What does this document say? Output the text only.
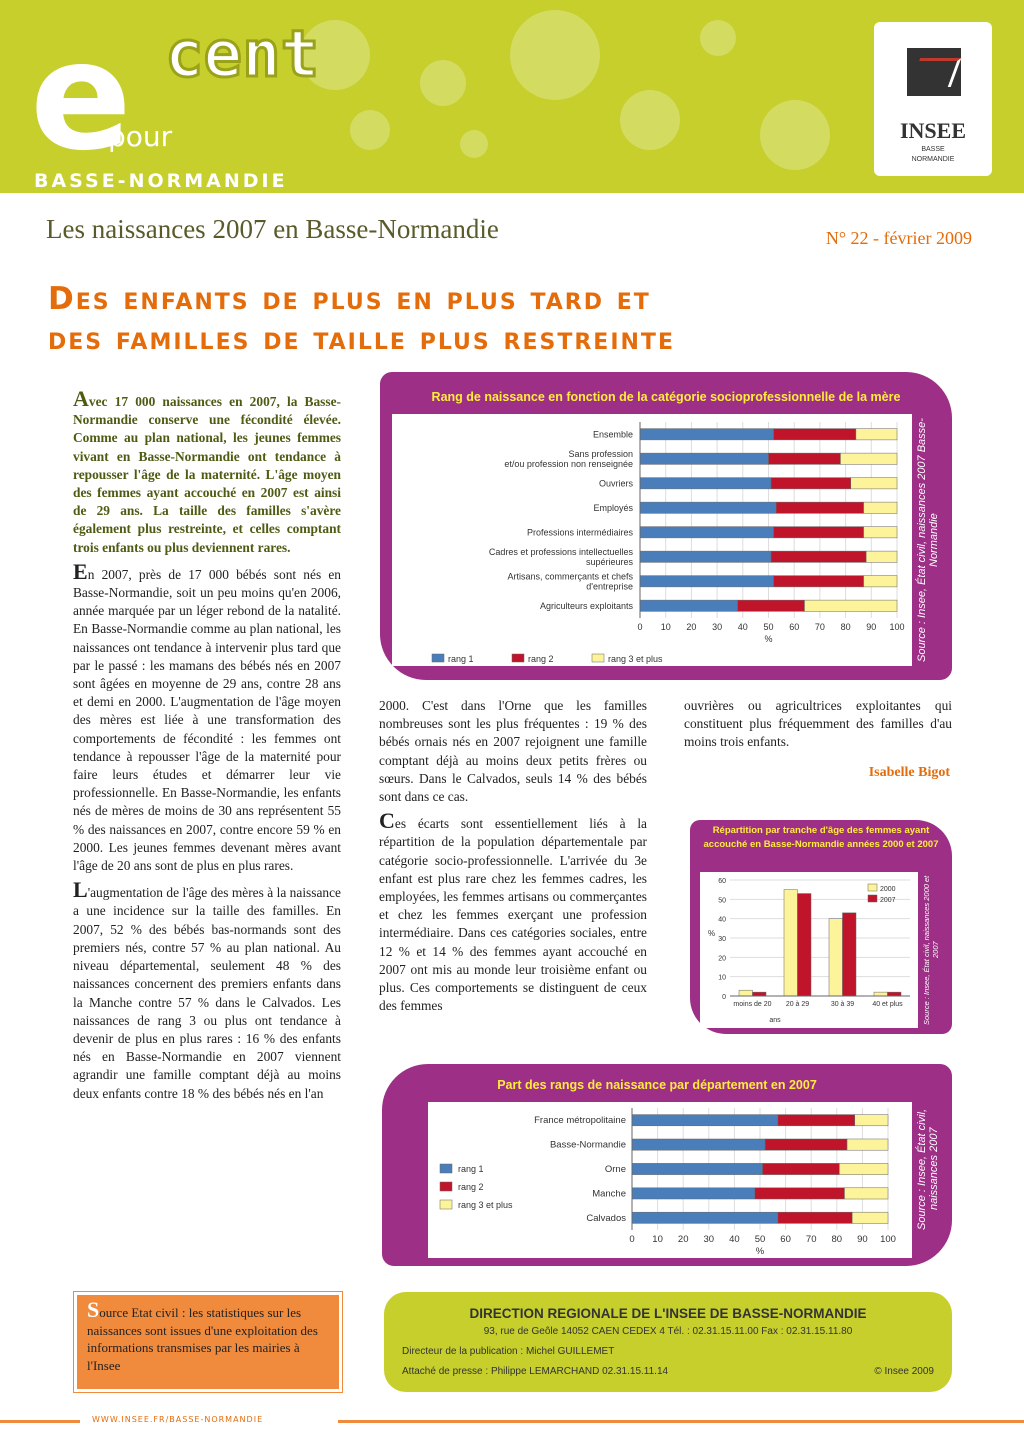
e cent
pour
BASSE-NORMANDIE
INSEE
BASSE
NORMANDIE
Les naissances 2007 en Basse-Normandie	N° 22 - février 2009
Des enfants de plus en plus tard et
des familles de taille plus restreinte

Avec 17 000 naissances en 2007, la Basse-Normandie conserve une fécondité élevée. Comme au plan national, les jeunes femmes vivant en Basse-Normandie ont tendance à repousser l'âge de la maternité. L'âge moyen des femmes ayant accouché en 2007 est ainsi de 29 ans. La taille des familles s'avère également plus restreinte, et celles comptant trois enfants ou plus deviennent rares.

En 2007, près de 17 000 bébés sont nés en Basse-Normandie, soit un peu moins qu'en 2006, année marquée par un léger rebond de la natalité. En Basse-Normandie comme au plan national, les naissances ont tendance à intervenir plus tard que par le passé : les mamans des bébés nés en 2007 sont âgées en moyenne de 29 ans, contre 28 ans et demi en 2000. L'augmentation de l'âge moyen des mères est liée à une transformation des comportements de fécondité : les femmes ont tendance à repousser l'âge de la maternité pour faire leurs études et démarrer leur vie professionnelle. En Basse-Normandie, les enfants nés de mères de moins de 30 ans représentent 55 % des naissances en 2007, contre encore 59 % en 2000. Les jeunes femmes devenant mères avant l'âge de 20 ans sont de plus en plus rares.

L'augmentation de l'âge des mères à la naissance a une incidence sur la taille des familles. En 2007, 52 % des bébés bas-normands sont des premiers nés, contre 57 % au plan national. Au niveau départemental, seulement 48 % des naissances concernent des premiers enfants dans la Manche contre 57 % dans le Calvados. Les naissances de rang 3 ou plus ont tendance à devenir de plus en plus rares : 16 % des enfants nés en Basse-Normandie en 2007 viennent agrandir une famille comptant déjà au moins deux enfants contre 18 % des bébés nés en l'an

2000. C'est dans l'Orne que les familles nombreuses sont les plus fréquentes : 19 % des bébés ornais nés en 2007 rejoignent une famille comptant déjà au moins deux petits frères ou sœurs. Dans le Calvados, seuls 14 % des bébés sont dans ce cas.

Ces écarts sont essentiellement liés à la répartition de la population départementale par catégorie socio-professionnelle. L'arrivée du 3e enfant est plus rare chez les femmes cadres, les employées, les femmes artisans ou commerçantes et chez les femmes exerçant une profession intermédiaire. Dans ces catégories sociales, entre 12 % et 14 % des femmes ayant accouché en 2007 ont mis au monde leur troisième enfant ou plus. Ces comportements se distinguent de ceux des femmes

ouvrières ou agricultrices exploitantes qui constituent plus fréquemment des familles d'au moins trois enfants.

Isabelle Bigot
Rang de naissance en fonction de la catégorie socioprofessionnelle de la mère
0 10 20 30 40 50 60 70 80 90 100
%
Ensemble
Sans profession
et/ou profession non renseignée
Ouvriers
Employés
Professions intermédiaires
Cadres et professions intellectuelles
supérieures
Artisans, commerçants et chefs
d'entreprise
Agriculteurs exploitants
rang 1	rang 2	rang 3 et plus	Source : Insee, État civil, naissances 2007 Basse-Normandie
Répartition par tranche d'âge des femmes ayant accouché en Basse-Normandie années 2000 et 2007
0
10
20
30
40
50
60
%
moins de 20 20 à 29	30 à 39	40 et plus
ans
2000
2007	Source : Insee, État civil, naissances 2000 et 2007
Part des rangs de naissance par département en 2007
0 10 20 30 40 50 60 70 80 90 100
%
France métropolitaine
Basse-Normandie
Orne
Manche
Calvados
rang 1
rang 2
rang 3 et plus	Source : Insee, État civil, naissances 2007

Source Etat civil : les statistiques sur les naissances sont issues d'une exploitation des informations transmises par les mairies à l'Insee

DIRECTION REGIONALE DE L'INSEE DE BASSE-NORMANDIE
93, rue de Geôle 14052 CAEN CEDEX 4 Tél. : 02.31.15.11.00 Fax : 02.31.15.11.80
Directeur de la publication : Michel GUILLEMET
Attaché de presse : Philippe LEMARCHAND 02.31.15.11.14	© Insee 2009
WWW.INSEE.FR/BASSE-NORMANDIE
